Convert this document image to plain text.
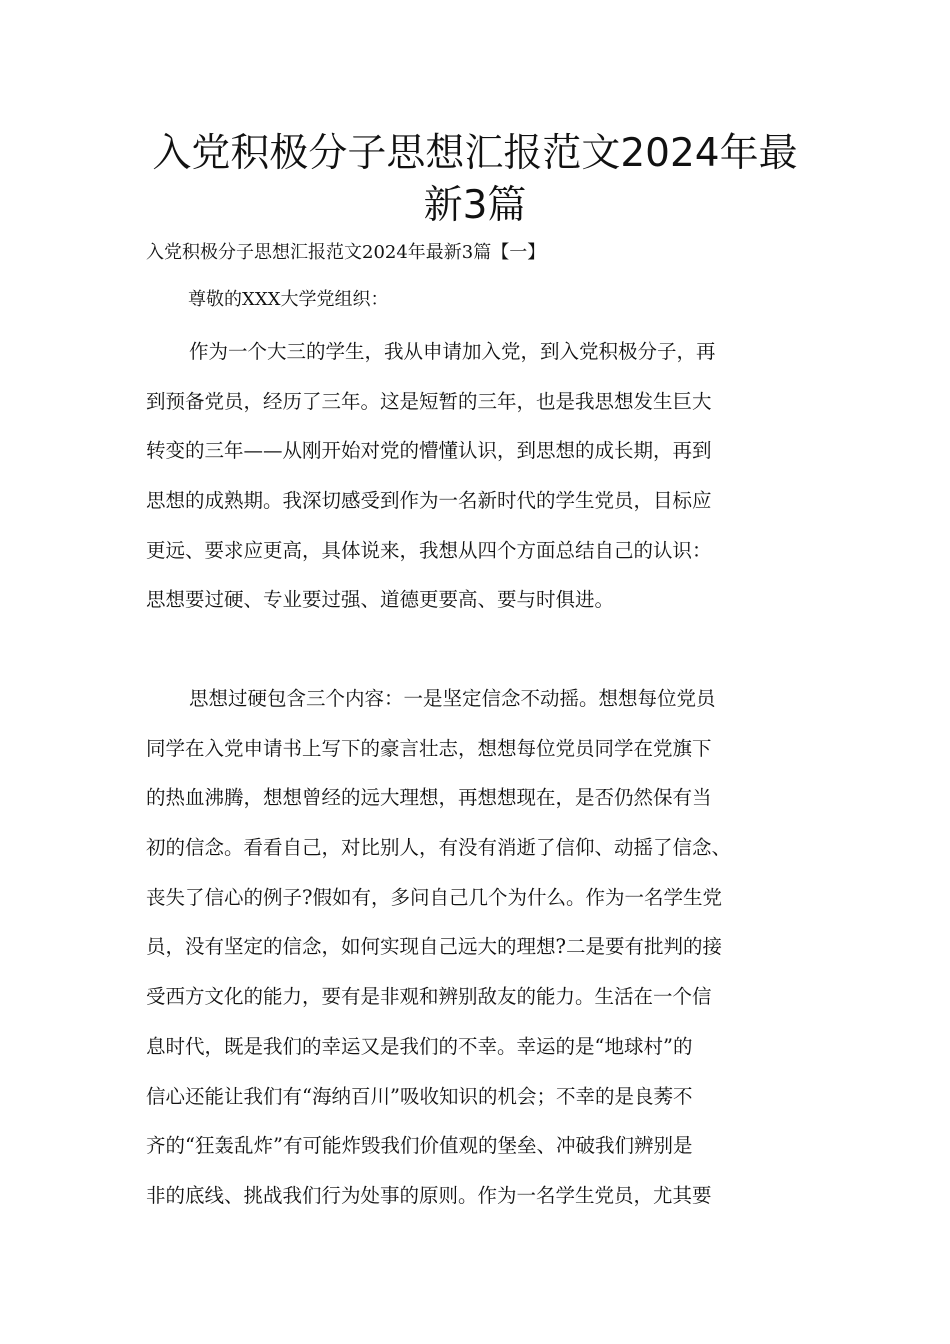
入党积极分子思想汇报范文2024年最
新3篇

入党积极分子思想汇报范文2024年最新3篇【一】

尊敬的XXX大学党组织：

作为一个大三的学生，我从申请加入党，到入党积极分子，再
到预备党员，经历了三年。这是短暂的三年，也是我思想发生巨大
转变的三年——从刚开始对党的懵懂认识，到思想的成长期，再到
思想的成熟期。我深切感受到作为一名新时代的学生党员，目标应
更远、要求应更高，具体说来，我想从四个方面总结自己的认识：
思想要过硬、专业要过强、道德更要高、要与时俱进。
思想过硬包含三个内容：一是坚定信念不动摇。想想每位党员
同学在入党申请书上写下的豪言壮志，想想每位党员同学在党旗下
的热血沸腾，想想曾经的远大理想，再想想现在，是否仍然保有当
初的信念。看看自己，对比别人，有没有消逝了信仰、动摇了信念、
丧失了信心的例子?假如有，多问自己几个为什么。作为一名学生党
员，没有坚定的信念，如何实现自己远大的理想?二是要有批判的接
受西方文化的能力，要有是非观和辨别敌友的能力。生活在一个信
息时代，既是我们的幸运又是我们的不幸。幸运的是“地球村”的
信心还能让我们有“海纳百川”吸收知识的机会；不幸的是良莠不
齐的“狂轰乱炸”有可能炸毁我们价值观的堡垒、冲破我们辨别是
非的底线、挑战我们行为处事的原则。作为一名学生党员，尤其要
